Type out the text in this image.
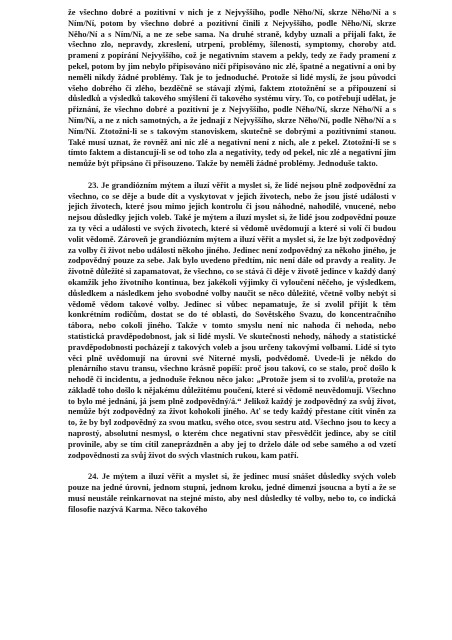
že všechno dobré a pozitivní v nich je z Nejvyššího, podle Něho/Ní, skrze Něho/Ní a s Ním/Ní, potom by všechno dobré a pozitivní činili z Nejvyššího, podle Něho/Ní, skrze Něho/Ní a s Ním/Ní, a ne ze sebe sama. Na druhé straně, kdyby uznali a přijali fakt, že všechno zlo, nepravdy, zkreslení, utrpení, problémy, šílenosti, symptomy, choroby atd. pramení z popírání Nejvyššího, což je negativním stavem a pekly, tedy ze řady pramení z pekel, potom by jim nebylo připisováno ničí připisováno nic zlé, špatné a negativní a oni by neměli nikdy žádné problémy. Tak je to jednoduché. Protože si lidé myslí, že jsou původci všeho dobrého či zlého, bezděčně se stávají zlými, faktem ztotožnění se a připouzení si důsledků a výsledků takového smýšlení či takového systému víry. To, co potřebují udělat, je přiznání, že všechno dobré a pozitivní je z Nejvyššího, podle Něho/Ní, skrze Něho/Ní a s Ním/Ní, a ne z nich samotných, a že jednají z Nejvyššího, skrze Něho/Ní, podle Něho/Ní a s Ním/Ní. Ztotožni-li se s takovým stanoviskem, skutečně se dobrými a pozitivními stanou. Také musí uznat, že rovněž ani nic zlé a negativní není z nich, ale z pekel. Ztotožní-li se s tímto faktem a distancují-li se od toho zla a negativity, tedy od pekel, nic zlé a negativní jim nemůže být připsáno či přisouzeno. Takže by neměli žádné problémy. Jednoduše takto.

23. Je grandiózním mýtem a iluzí věřit a myslet si, že lidé nejsou plně zodpovědní za všechno, co se děje a bude dít a vyskytovat v jejich životech, nebo že jsou jisté události v jejich životech, které jsou mimo jejich kontrolu či jsou náhodné, nahodilé, vnucené, nebo nejsou důsledky jejich voleb. Také je mýtem a iluzí myslet si, že lidé jsou zodpovědní pouze za ty věci a události ve svých životech, které si vědomě uvědomují a které si volí či budou volit vědomě. Zároveň je grandiózním mýtem a iluzí věřit a myslet si, že lze být zodpovědný za volby či život nebo události někoho jiného. Jedinec není zodpovědný za někoho jiného, je zodpovědný pouze za sebe. Jak bylo uvedeno předtím, nic není dále od pravdy a reality. Je životně důležité si zapamatovat, že všechno, co se stává či děje v životě jedince v každý daný okamžik jeho životního kontinua, bez jakékoli výjimky či vyloučení něčeho, je výsledkem, důsledkem a následkem jeho svobodné volby naučit se něco důležité, včetně volby nebýt si vědomě vědom takové volby. Jedinec si vůbec nepamatuje, že si zvolil přijít k těm konkrétním rodičům, dostat se do té oblasti, do Sovětského Svazu, do koncentračního tábora, nebo cokoli jiného. Takže v tomto smyslu není nic nahoda či nehoda, nebo statistická pravděpodobnost, jak si lidé myslí. Ve skutečnosti nehody, náhody a statistické pravděpodobnosti pocházejí z takových voleb a jsou určeny takovými volbami. Lidé si tyto věci plně uvědomují na úrovni své Niterné mysli, podvědomě. Uvede-li je někdo do plenárního stavu transu, všechno krásně popíší: proč jsou takoví, co se stalo, proč došlo k nehodě či incidentu, a jednoduše řeknou něco jako: „Protože jsem si to zvolil/a, protože na základě toho došlo k nějakému důležitému poučení, které si vědomě neuvědomuji. Všechno to bylo mé jednání, já jsem plně zodpovědný/á.“ Jelikož každý je zodpovědný za svůj život, nemůže být zodpovědný za život kohokoli jiného. Ať se tedy každý přestane cítit viněn za to, že by byl zodpovědný za svou matku, svého otce, svou sestru atd. Všechno jsou to kecy a naprostý, absolutní nesmysl, o kterém chce negativní stav přesvědčit jedince, aby se cítil provinile, aby se tím cítil zaneprázdněn a aby jej to drželo dále od sebe samého a od vzetí zodpovědnosti za svůj život do svých vlastních rukou, kam patří.

24. Je mýtem a iluzí věřit a myslet si, že jedinec musí snášet důsledky svých voleb pouze na jedné úrovni, jednom stupni, jednom kroku, jedné dimenzi jsoucna a bytí a že se musí neustále reinkarnovat na stejné místo, aby nesl důsledky té volby, nebo to, co indická filosofie nazývá Karma. Něco takového
